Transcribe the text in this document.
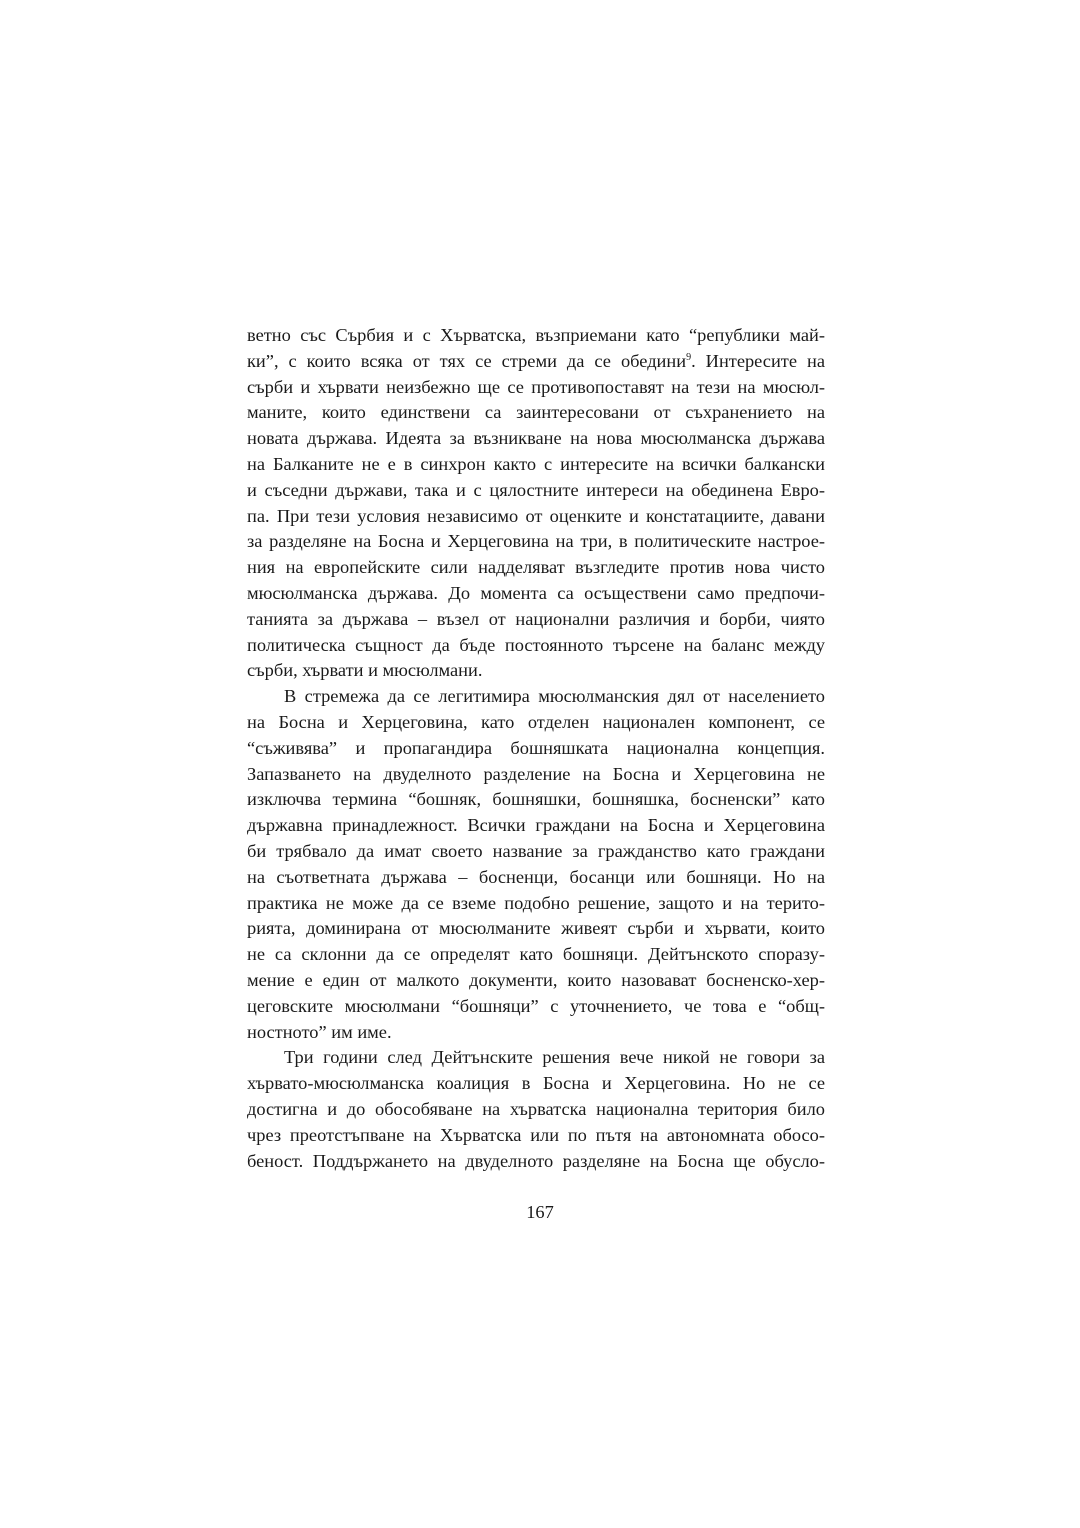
ветно със Сърбия и с Хърватска, възприемани като “републики май-
ки”, с които всяка от тях се стреми да се обедини$^9$. Интересите на
сърби и хървати неизбежно ще се противопоставят на тези на мюсюл-
маните, които единствени са заинтересовани от съхранението на
новата държава. Идеята за възникване на нова мюсюлманска държава
на Балканите не е в синхрон както с интересите на всички балкански
и съседни държави, така и с цялостните интереси на обединена Евро-
па. При тези условия независимо от оценките и констатациите, давани
за разделяне на Босна и Херцеговина на три, в политическите настрое-
ния на европейските сили надделяват възгледите против нова чисто
мюсюлманска държава. До момента са осъществени само предпочи-
танията за държава – възел от национални различия и борби, чиято
политическа същност да бъде постоянното търсене на баланс между
сърби, хървати и мюсюлмани.
В стремежа да се легитимира мюсюлманския дял от населението
на Босна и Херцеговина, като отделен национален компонент, се
“съживява” и пропагандира бошняшката национална концепция.
Запазването на двуделното разделение на Босна и Херцеговина не
изключва термина “бошняк, бошняшки, бошняшка, босненски” като
държавна принадлежност. Всички граждани на Босна и Херцеговина
би трябвало да имат своето название за гражданство като граждани
на съответната държава – босненци, босанци или бошняци. Но на
практика не може да се вземе подобно решение, защото и на терито-
рията, доминирана от мюсюлманите живеят сърби и хървати, които
не са склонни да се определят като бошняци. Дейтънското споразу-
мение е един от малкото документи, които назовават босненско-хер-
цеговските мюсюлмани “бошняци” с уточнението, че това е “общ-
ностното” им име.
Три години след Дейтънските решения вече никой не говори за
хървато-мюсюлманска коалиция в Босна и Херцеговина. Но не се
достигна и до обособяване на хърватска национална територия било
чрез преотстъпване на Хърватска или по пътя на автономната обосо-
беност. Поддържането на двуделното разделяне на Босна ще обусло-
167
